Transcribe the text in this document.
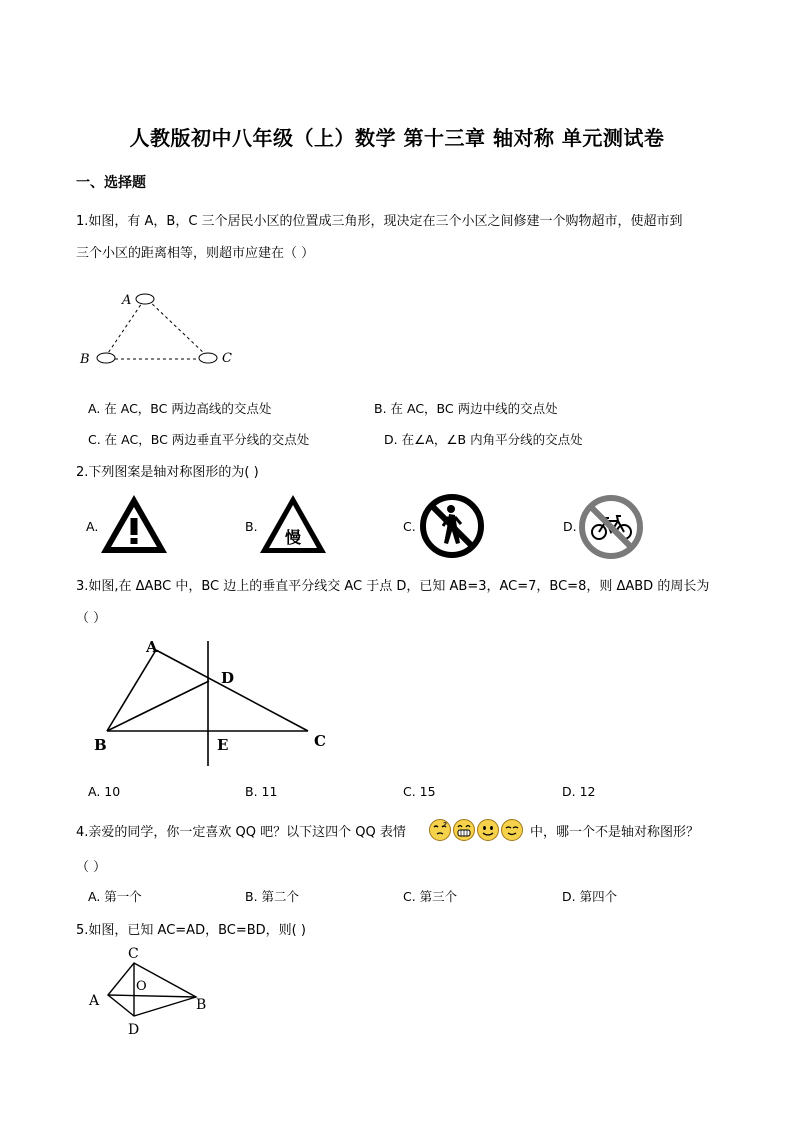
人教版初中八年级（上）数学 第十三章 轴对称 单元测试卷
一、选择题
1.如图，有 A，B，C 三个居民小区的位置成三角形，现决定在三个小区之间修建一个购物超市，使超市到
三个小区的距离相等，则超市应建在（ ）
A
B	C
A. 在 AC，BC 两边高线的交点处	B. 在 AC，BC 两边中线的交点处
C. 在 AC，BC 两边垂直平分线的交点处	D. 在∠A，∠B 内角平分线的交点处
2.下列图案是轴对称图形的为( )
A.	B.
慢
C.	D.
3.如图,在 ΔABC 中，BC 边上的垂直平分线交 AC 于点 D，已知 AB=3，AC=7，BC=8，则 ΔABD 的周长为
（ ）
A
B	C
D
E
A. 10	B. 11	C. 15	D. 12
4.亲爱的同学，你一定喜欢 QQ 吧？以下这四个 QQ 表情	?	中，哪一个不是轴对称图形？
（ ）
A. 第一个	B. 第二个	C. 第三个	D. 第四个
5.如图，已知 AC=AD，BC=BD，则( )
A	B
C
D
O
